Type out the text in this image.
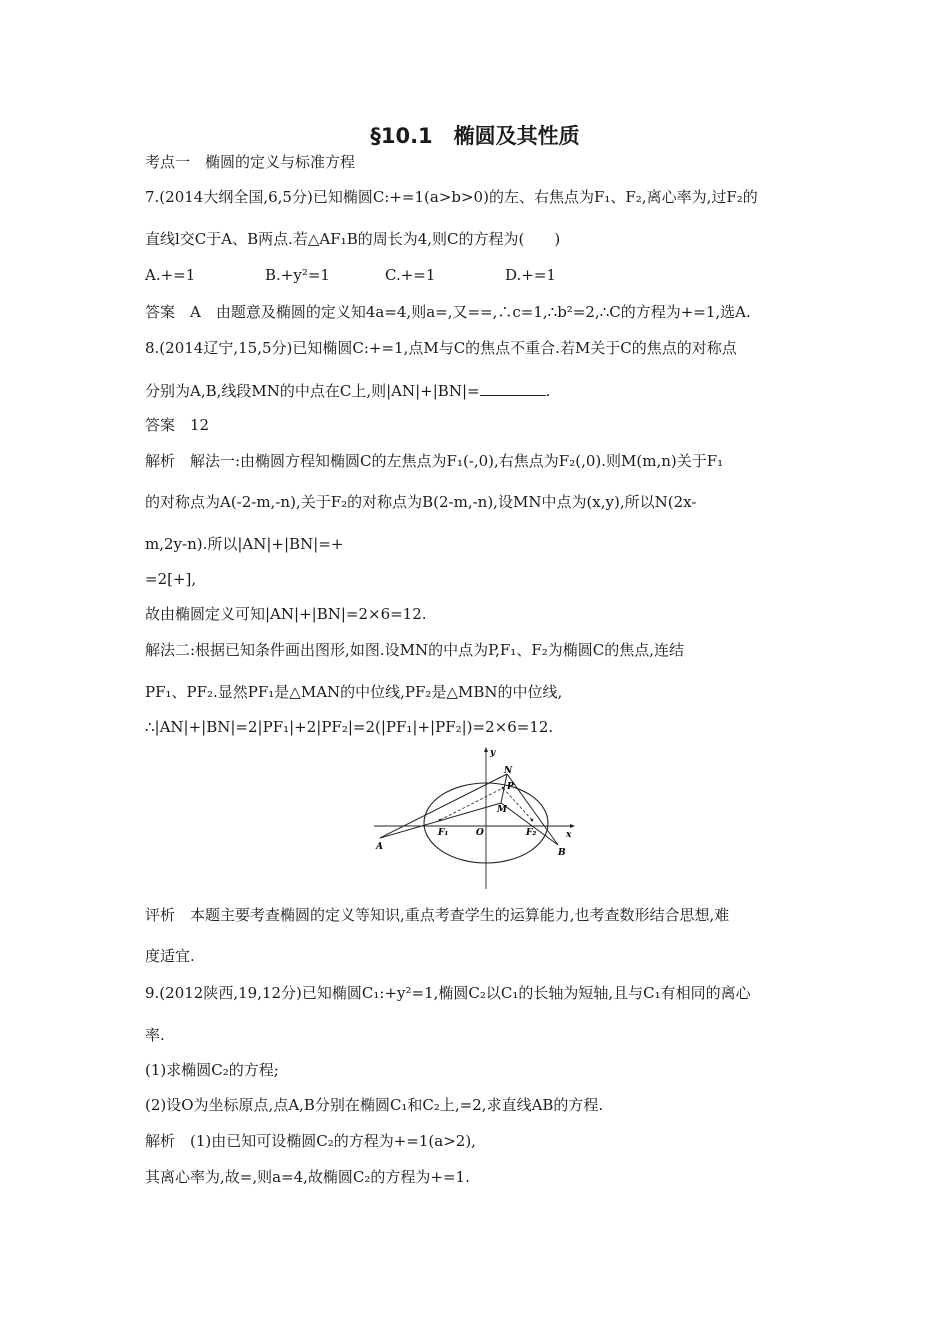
§10.1　椭圆及其性质
考点一　椭圆的定义与标准方程
7.(2014大纲全国,6,5分)已知椭圆C:+=1(a>b>0)的左、右焦点为F₁、F₂,离心率为,过F₂的
直线l交C于A、B两点.若△AF₁B的周长为4,则C的方程为(　　)
A.+=1	B.+y²=1	C.+=1	D.+=1
答案　A　由题意及椭圆的定义知4a=4,则a=,又==,∴c=1,∴b²=2,∴C的方程为+=1,选A.
8.(2014辽宁,15,5分)已知椭圆C:+=1,点M与C的焦点不重合.若M关于C的焦点的对称点
分别为A,B,线段MN的中点在C上,则|AN|+|BN|=	.
答案　12
解析　解法一:由椭圆方程知椭圆C的左焦点为F₁(-,0),右焦点为F₂(,0).则M(m,n)关于F₁
的对称点为A(-2-m,-n),关于F₂的对称点为B(2-m,-n),设MN中点为(x,y),所以N(2x-
m,2y-n).所以|AN|+|BN|=+
=2[+],
故由椭圆定义可知|AN|+|BN|=2×6=12.
解法二:根据已知条件画出图形,如图.设MN的中点为P,F₁、F₂为椭圆C的焦点,连结
PF₁、PF₂.显然PF₁是△MAN的中位线,PF₂是△MBN的中位线,
∴|AN|+|BN|=2|PF₁|+2|PF₂|=2(|PF₁|+|PF₂|)=2×6=12.
N
P
M
A
B
F₁	F₂
O	x
y
评析　本题主要考查椭圆的定义等知识,重点考查学生的运算能力,也考查数形结合思想,难
度适宜.
9.(2012陕西,19,12分)已知椭圆C₁:+y²=1,椭圆C₂以C₁的长轴为短轴,且与C₁有相同的离心
率.
(1)求椭圆C₂的方程;
(2)设O为坐标原点,点A,B分别在椭圆C₁和C₂上,=2,求直线AB的方程.
解析　(1)由已知可设椭圆C₂的方程为+=1(a>2),
其离心率为,故=,则a=4,故椭圆C₂的方程为+=1.
